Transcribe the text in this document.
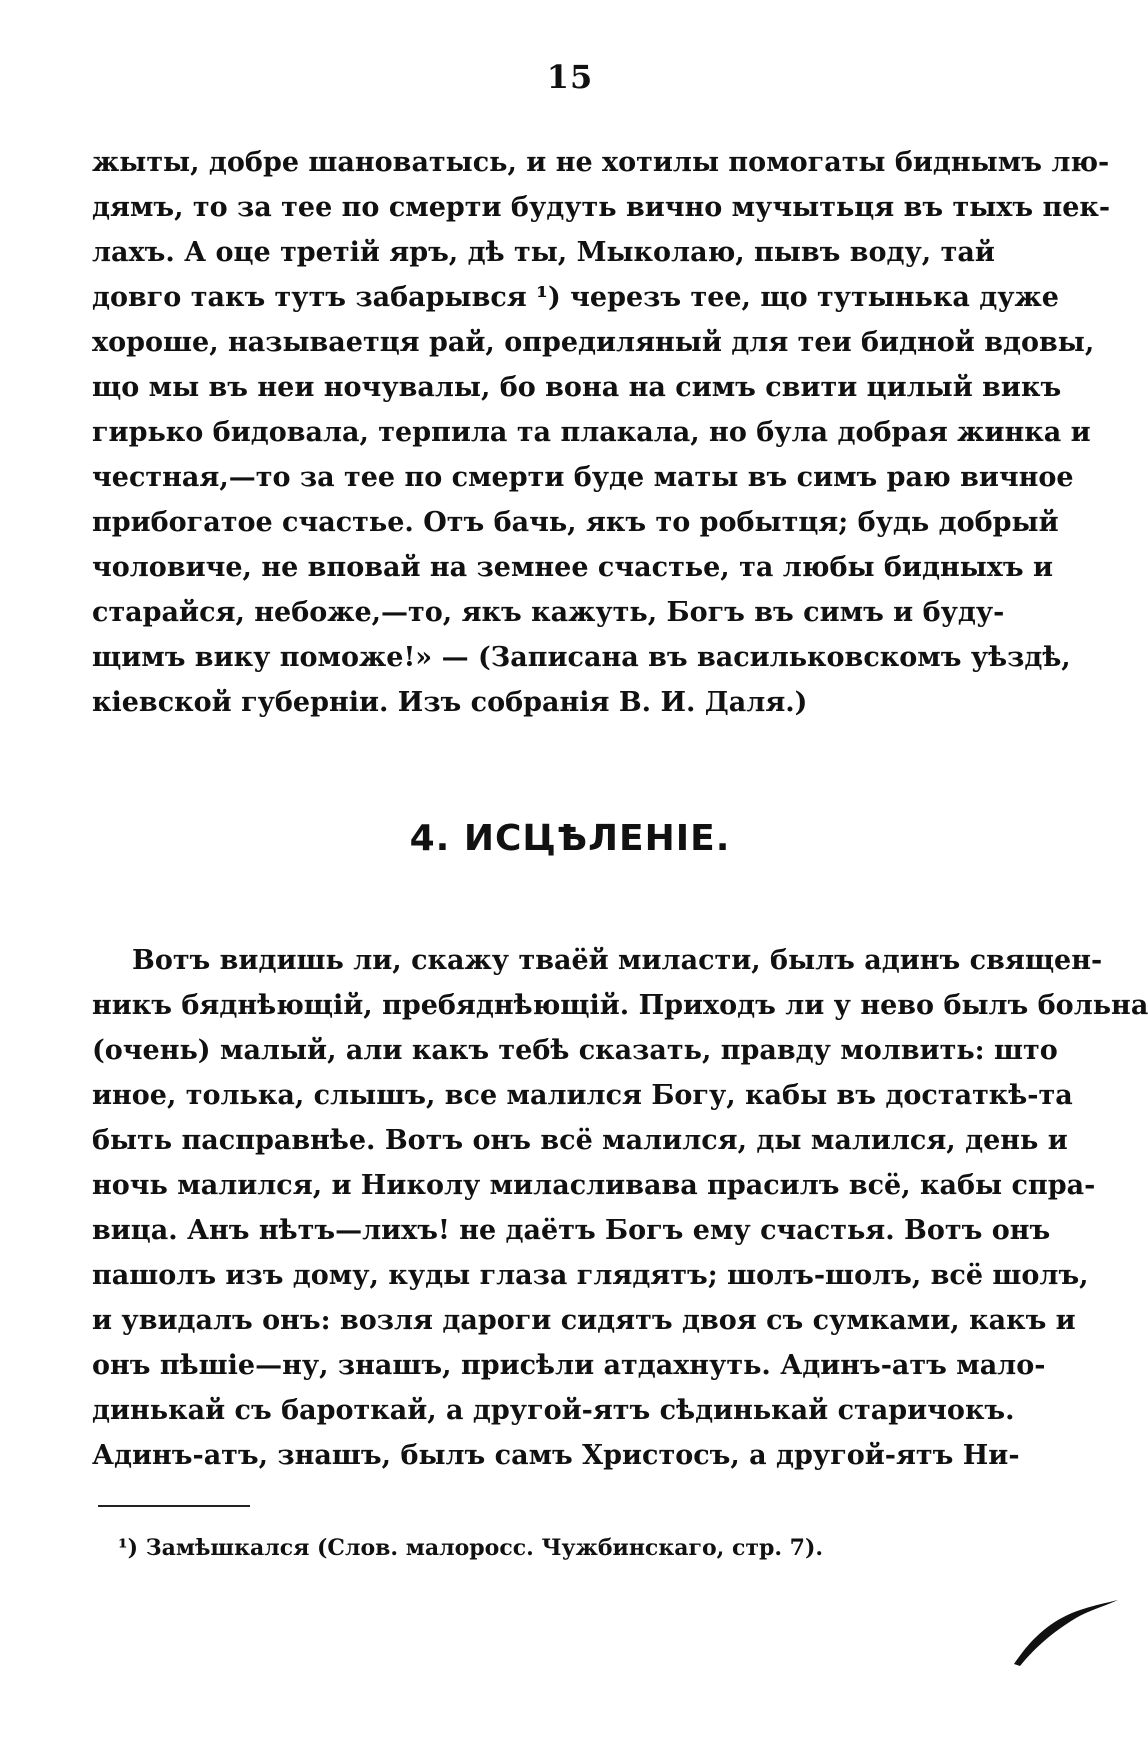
15
жыты, добре шановатысь, и не хотилы помогаты биднымъ лю-
дямъ, то за тее по смерти будуть вично мучытьця въ тыхъ пек-
лахъ. А оце третій яръ, дѣ ты, Мыколаю, пывъ воду, тай
довго такъ тутъ забарывся ¹) черезъ тее, що тутынька дуже
хороше, называетця рай, опредиляный для теи бидной вдовы,
що мы въ неи ночувалы, бо вона на симъ свити цилый викъ
гирько бидовала, терпила та плакала, но була добрая жинка и
честная,—то за тее по смерти буде маты въ симъ раю вичное
прибогатое счастье. Отъ бачь, якъ то робытця; будь добрый
чоловиче, не вповай на земнее счастье, та любы бидныхъ и
старайся, небоже,—то, якъ кажуть, Богъ въ симъ и буду-
щимъ вику поможе!» — (Записана въ васильковскомъ уѣздѣ,
кіевской губерніи. Изъ собранія В. И. Даля.)
4. ИСЦѢЛЕНІЕ.
Вотъ видишь ли, скажу тваёй миласти, былъ адинъ священ-
никъ бяднѣющій, пребяднѣющій. Приходъ ли у нево былъ больна
(очень) малый, али какъ тебѣ сказать, правду молвить: што
иное, толька, слышъ, все малился Богу, кабы въ достаткѣ-та
быть паспpавнѣе. Вотъ онъ всё малился, ды малился, день и
ночь малился, и Николу миласливава прасилъ всё, кабы спра-
вица. Анъ нѣтъ—лихъ! не даётъ Богъ ему счастья. Вотъ онъ
пашолъ изъ дому, куды глаза глядятъ; шолъ-шолъ, всё шолъ,
и увидалъ онъ: возля дароги сидятъ двоя съ сумками, какъ и
онъ пѣшіе—ну, знашъ, присѣли атдахнуть. Адинъ-атъ мало-
динькай съ бароткай, а другой-ятъ сѣдинькай старичокъ.
Адинъ-атъ, знашъ, былъ самъ Христосъ, а другой-ятъ Ни-
¹) Замѣшкался (Слов. малоросс. Чужбинскаго, стр. 7).
